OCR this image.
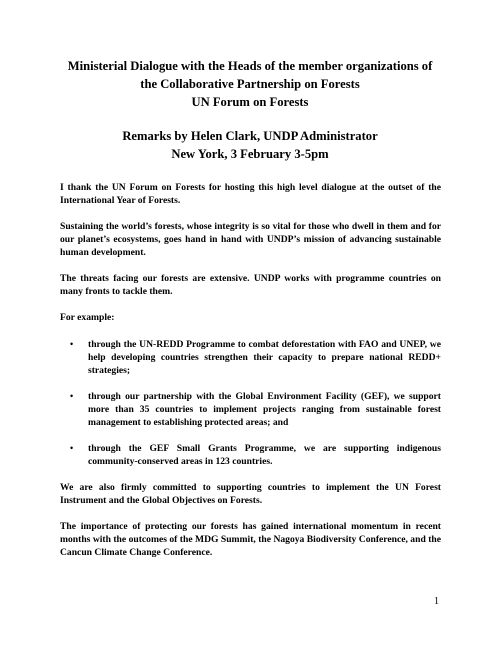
Ministerial Dialogue with the Heads of the member organizations of
the Collaborative Partnership on Forests
UN Forum on Forests
Remarks by Helen Clark, UNDP Administrator
New York, 3 February 3-5pm

I thank the UN Forum on Forests for hosting this high level dialogue at the outset of the International Year of Forests.

Sustaining the world’s forests, whose integrity is so vital for those who dwell in them and for our planet’s ecosystems, goes hand in hand with UNDP’s mission of advancing sustainable human development.

The threats facing our forests are extensive. UNDP works with programme countries on many fronts to tackle them.

For example:

• through the UN-REDD Programme to combat deforestation with FAO and UNEP, we help developing countries strengthen their capacity to prepare national REDD+ strategies;
• through our partnership with the Global Environment Facility (GEF), we support more than 35 countries to implement projects ranging from sustainable forest management to establishing protected areas; and
• through the GEF Small Grants Programme, we are supporting indigenous community-conserved areas in 123 countries.

We are also firmly committed to supporting countries to implement the UN Forest Instrument and the Global Objectives on Forests.

The importance of protecting our forests has gained international momentum in recent months with the outcomes of the MDG Summit, the Nagoya Biodiversity Conference, and the Cancun Climate Change Conference.

1
